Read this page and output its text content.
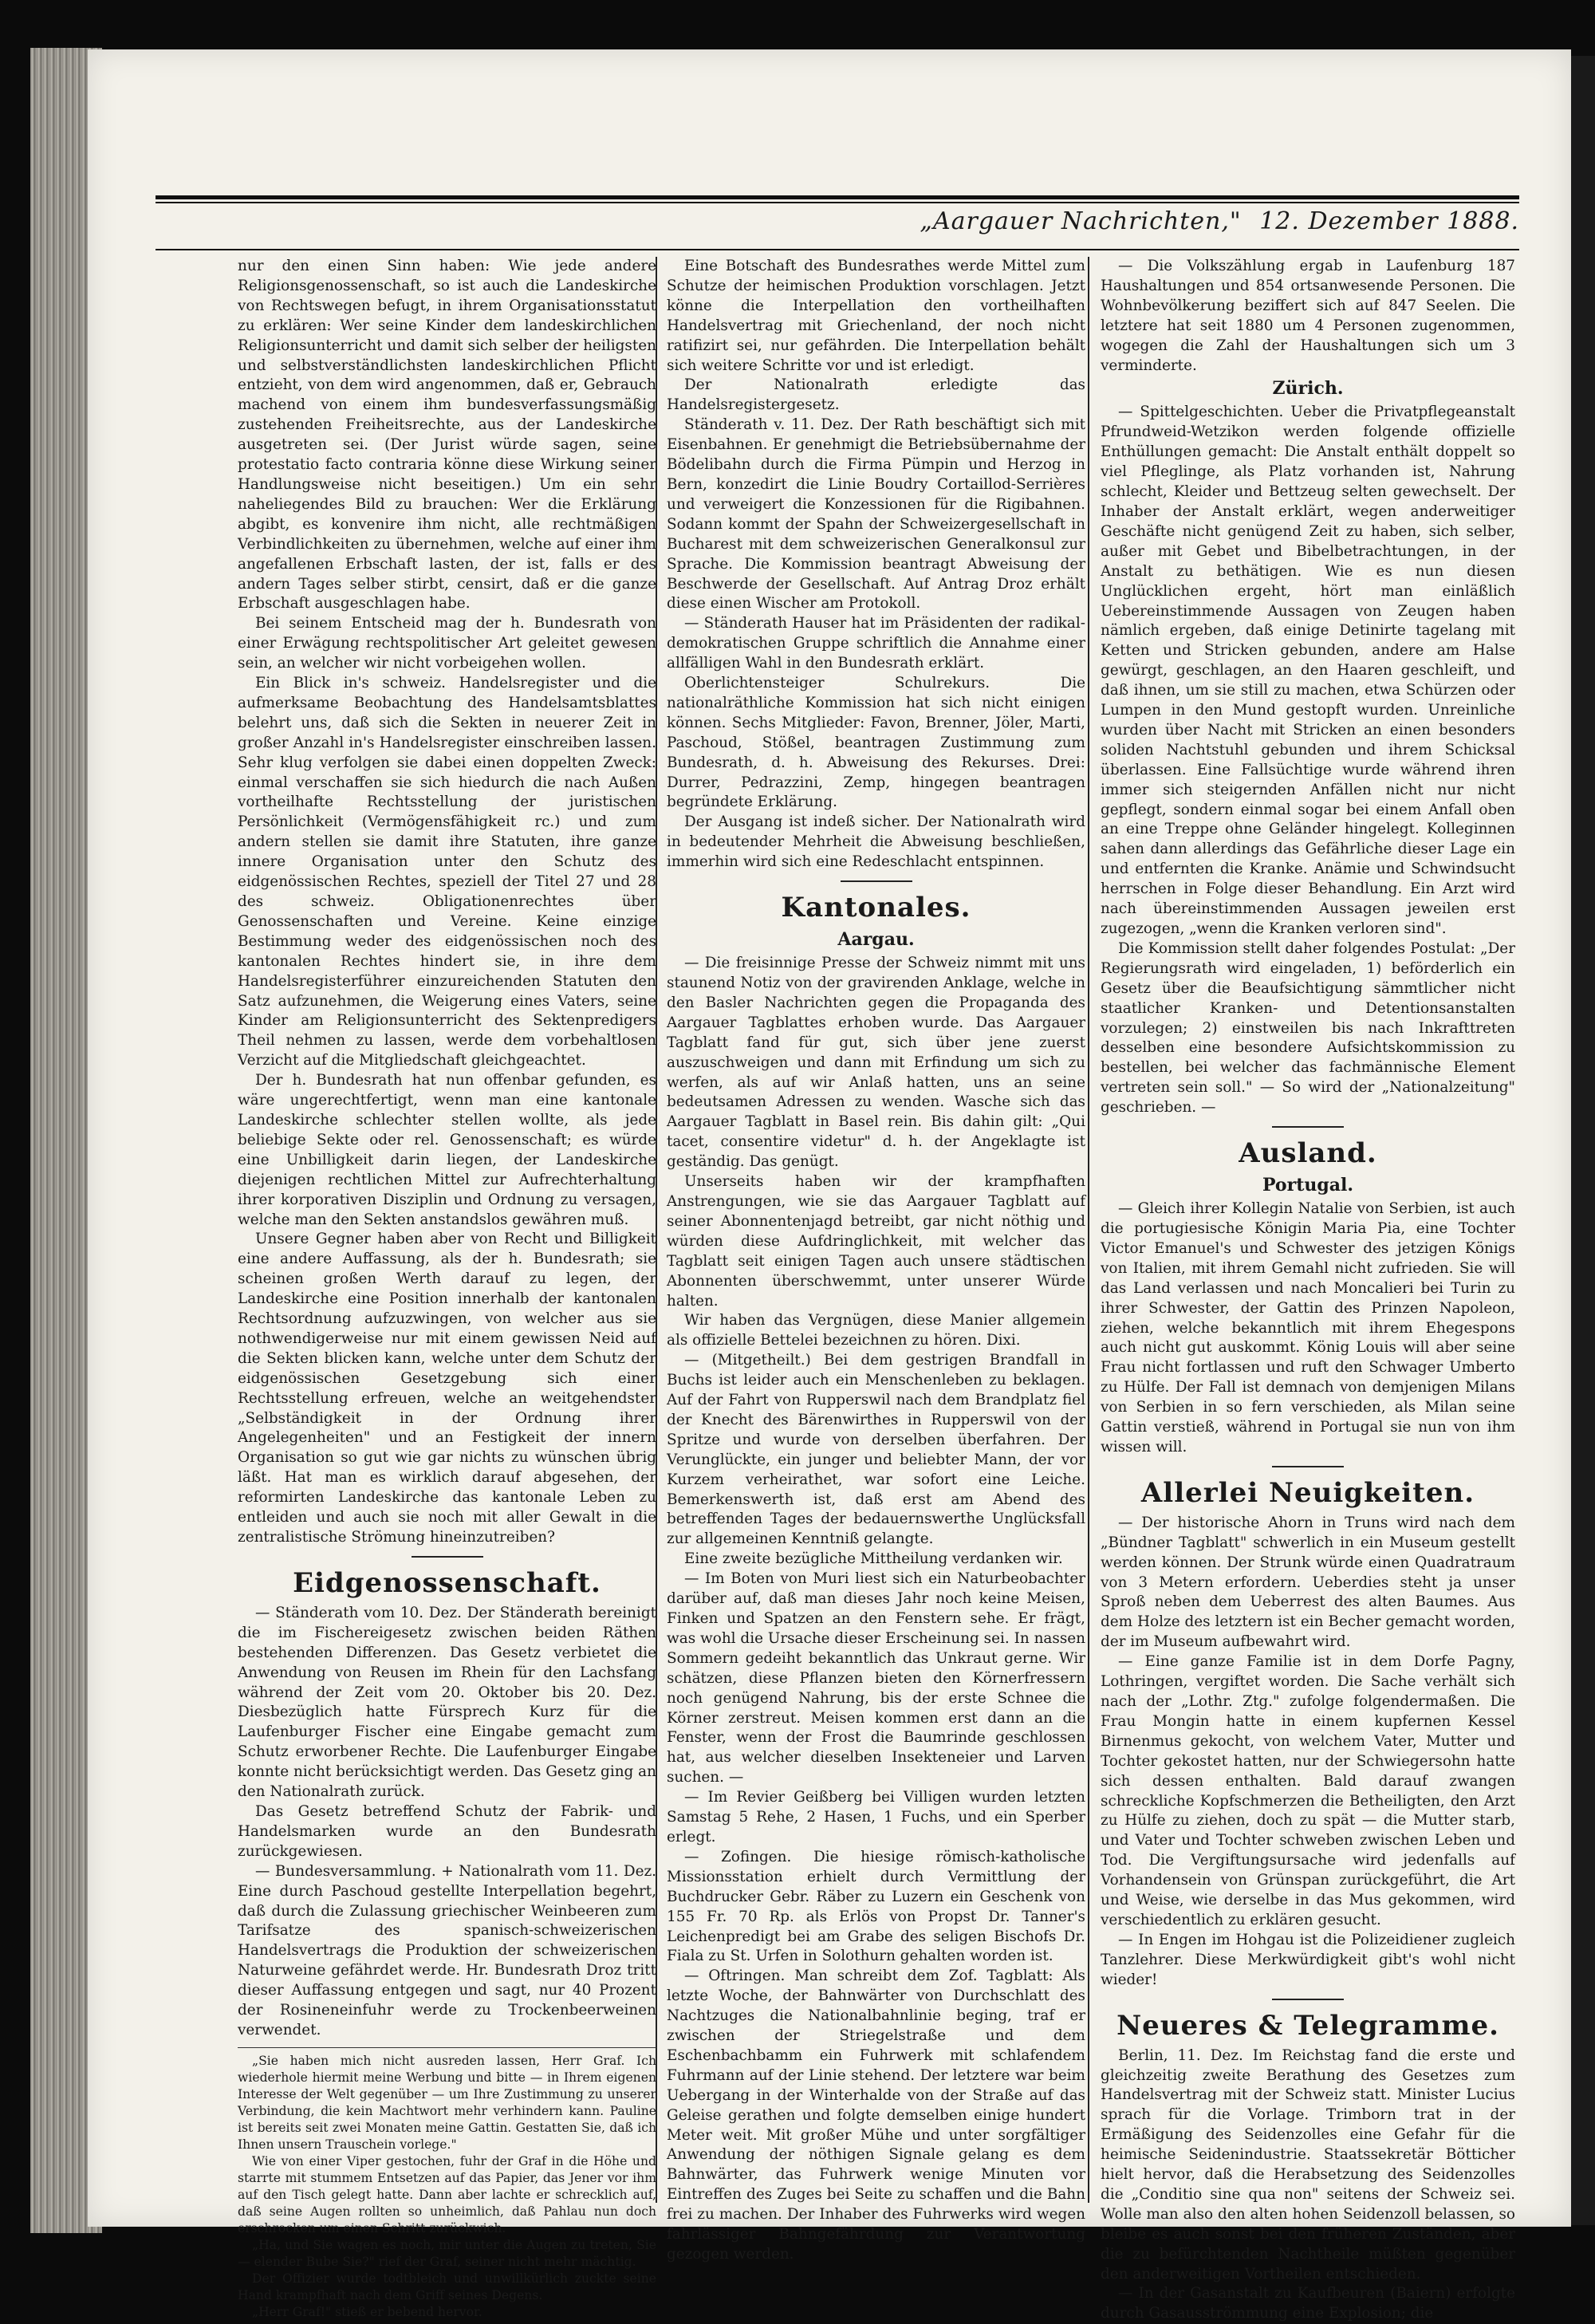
„Aargauer Nachrichten," 12. Dezember 1888.

nur den einen Sinn haben: Wie jede andere Religionsgenossenschaft, so ist auch die Landeskirche von Rechtswegen befugt, in ihrem Organisationsstatut zu erklären: Wer seine Kinder dem landeskirchlichen Religionsunterricht und damit sich selber der heiligsten und selbstverständlichsten landeskirchlichen Pflicht entzieht, von dem wird angenommen, daß er, Gebrauch machend von einem ihm bundesverfassungsmäßig zustehenden Freiheitsrechte, aus der Landeskirche ausgetreten sei. (Der Jurist würde sagen, seine protestatio facto contraria könne diese Wirkung seiner Handlungsweise nicht beseitigen.) Um ein sehr naheliegendes Bild zu brauchen: Wer die Erklärung abgibt, es konvenire ihm nicht, alle rechtmäßigen Verbindlichkeiten zu übernehmen, welche auf einer ihm angefallenen Erbschaft lasten, der ist, falls er des andern Tages selber stirbt, censirt, daß er die ganze Erbschaft ausgeschlagen habe.

Bei seinem Entscheid mag der h. Bundesrath von einer Erwägung rechtspolitischer Art geleitet gewesen sein, an welcher wir nicht vorbeigehen wollen.

Ein Blick in's schweiz. Handelsregister und die aufmerksame Beobachtung des Handelsamtsblattes belehrt uns, daß sich die Sekten in neuerer Zeit in großer Anzahl in's Handelsregister einschreiben lassen. Sehr klug verfolgen sie dabei einen doppelten Zweck: einmal verschaffen sie sich hiedurch die nach Außen vortheilhafte Rechtsstellung der juristischen Persönlichkeit (Vermögensfähigkeit rc.) und zum andern stellen sie damit ihre Statuten, ihre ganze innere Organisation unter den Schutz des eidgenössischen Rechtes, speziell der Titel 27 und 28 des schweiz. Obligationenrechtes über Genossenschaften und Vereine. Keine einzige Bestimmung weder des eidgenössischen noch des kantonalen Rechtes hindert sie, in ihre dem Handelsregisterführer einzureichenden Statuten den Satz aufzunehmen, die Weigerung eines Vaters, seine Kinder am Religionsunterricht des Sektenpredigers Theil nehmen zu lassen, werde dem vorbehaltlosen Verzicht auf die Mitgliedschaft gleichgeachtet.

Der h. Bundesrath hat nun offenbar gefunden, es wäre ungerechtfertigt, wenn man eine kantonale Landeskirche schlechter stellen wollte, als jede beliebige Sekte oder rel. Genossenschaft; es würde eine Unbilligkeit darin liegen, der Landeskirche diejenigen rechtlichen Mittel zur Aufrechterhaltung ihrer korporativen Disziplin und Ordnung zu versagen, welche man den Sekten anstandslos gewähren muß.

Unsere Gegner haben aber von Recht und Billigkeit eine andere Auffassung, als der h. Bundesrath; sie scheinen großen Werth darauf zu legen, der Landeskirche eine Position innerhalb der kantonalen Rechtsordnung aufzuzwingen, von welcher aus sie nothwendigerweise nur mit einem gewissen Neid auf die Sekten blicken kann, welche unter dem Schutz der eidgenössischen Gesetzgebung sich einer Rechtsstellung erfreuen, welche an weitgehendster „Selbständigkeit in der Ordnung ihrer Angelegenheiten" und an Festigkeit der innern Organisation so gut wie gar nichts zu wünschen übrig läßt. Hat man es wirklich darauf abgesehen, der reformirten Landeskirche das kantonale Leben zu entleiden und auch sie noch mit aller Gewalt in die zentralistische Strömung hineinzutreiben?

Eidgenossenschaft.

— Ständerath vom 10. Dez. Der Ständerath bereinigt die im Fischereigesetz zwischen beiden Räthen bestehenden Differenzen. Das Gesetz verbietet die Anwendung von Reusen im Rhein für den Lachsfang während der Zeit vom 20. Oktober bis 20. Dez. Diesbezüglich hatte Fürsprech Kurz für die Laufenburger Fischer eine Eingabe gemacht zum Schutz erworbener Rechte. Die Laufenburger Eingabe konnte nicht berücksichtigt werden. Das Gesetz ging an den Nationalrath zurück.

Das Gesetz betreffend Schutz der Fabrik- und Handelsmarken wurde an den Bundesrath zurückgewiesen.

— Bundesversammlung. + Nationalrath vom 11. Dez. Eine durch Paschoud gestellte Interpellation begehrt, daß durch die Zulassung griechischer Weinbeeren zum Tarifsatze des spanisch-schweizerischen Handelsvertrags die Produktion der schweizerischen Naturweine gefährdet werde. Hr. Bundesrath Droz tritt dieser Auffassung entgegen und sagt, nur 40 Prozent der Rosineneinfuhr werde zu Trockenbeerweinen verwendet.

„Sie haben mich nicht ausreden lassen, Herr Graf. Ich wiederhole hiermit meine Werbung und bitte — in Ihrem eigenen Interesse der Welt gegenüber — um Ihre Zustimmung zu unserer Verbindung, die kein Machtwort mehr verhindern kann. Pauline ist bereits seit zwei Monaten meine Gattin. Gestatten Sie, daß ich Ihnen unsern Trauschein vorlege."

Wie von einer Viper gestochen, fuhr der Graf in die Höhe und starrte mit stummem Entsetzen auf das Papier, das Jener vor ihm auf den Tisch gelegt hatte. Dann aber lachte er schrecklich auf, daß seine Augen rollten so unheimlich, daß Pahlau nun doch erschrocken um einen Schritt zurückwich.

„Ha, und Sie wagen es noch, mir unter die Augen zu treten, Sie — elender Bube Sie?" rief der Graf, seiner nicht mehr mächtig.

Der Offizier wurde todtbleich und unwillkürlich zuckte seine Hand krampfhaft nach dem Griff seines Degens.

„Herr Graf!" stieß er bebend hervor.

Eine Botschaft des Bundesrathes werde Mittel zum Schutze der heimischen Produktion vorschlagen. Jetzt könne die Interpellation den vortheilhaften Handelsvertrag mit Griechenland, der noch nicht ratifizirt sei, nur gefährden. Die Interpellation behält sich weitere Schritte vor und ist erledigt.

Der Nationalrath erledigte das Handelsregistergesetz.

Ständerath v. 11. Dez. Der Rath beschäftigt sich mit Eisenbahnen. Er genehmigt die Betriebsübernahme der Bödelibahn durch die Firma Pümpin und Herzog in Bern, konzedirt die Linie Boudry Cortaillod-Serrières und verweigert die Konzessionen für die Rigibahnen. Sodann kommt der Spahn der Schweizergesellschaft in Bucharest mit dem schweizerischen Generalkonsul zur Sprache. Die Kommission beantragt Abweisung der Beschwerde der Gesellschaft. Auf Antrag Droz erhält diese einen Wischer am Protokoll.

— Ständerath Hauser hat im Präsidenten der radikal-demokratischen Gruppe schriftlich die Annahme einer allfälligen Wahl in den Bundesrath erklärt.

Oberlichtensteiger Schulrekurs. Die nationalräthliche Kommission hat sich nicht einigen können. Sechs Mitglieder: Favon, Brenner, Jöler, Marti, Paschoud, Stößel, beantragen Zustimmung zum Bundesrath, d. h. Abweisung des Rekurses. Drei: Durrer, Pedrazzini, Zemp, hingegen beantragen begründete Erklärung.

Der Ausgang ist indeß sicher. Der Nationalrath wird in bedeutender Mehrheit die Abweisung beschließen, immerhin wird sich eine Redeschlacht entspinnen.

Kantonales.
Aargau.

— Die freisinnige Presse der Schweiz nimmt mit uns staunend Notiz von der gravirenden Anklage, welche in den Basler Nachrichten gegen die Propaganda des Aargauer Tagblattes erhoben wurde. Das Aargauer Tagblatt fand für gut, sich über jene zuerst auszuschweigen und dann mit Erfindung um sich zu werfen, als auf wir Anlaß hatten, uns an seine bedeutsamen Adressen zu wenden. Wasche sich das Aargauer Tagblatt in Basel rein. Bis dahin gilt: „Qui tacet, consentire videtur" d. h. der Angeklagte ist geständig. Das genügt.

Unserseits haben wir der krampfhaften Anstrengungen, wie sie das Aargauer Tagblatt auf seiner Abonnentenjagd betreibt, gar nicht nöthig und würden diese Aufdringlichkeit, mit welcher das Tagblatt seit einigen Tagen auch unsere städtischen Abonnenten überschwemmt, unter unserer Würde halten.

Wir haben das Vergnügen, diese Manier allgemein als offizielle Bettelei bezeichnen zu hören. Dixi.

— (Mitgetheilt.) Bei dem gestrigen Brandfall in Buchs ist leider auch ein Menschenleben zu beklagen. Auf der Fahrt von Rupperswil nach dem Brandplatz fiel der Knecht des Bärenwirthes in Rupperswil von der Spritze und wurde von derselben überfahren. Der Verunglückte, ein junger und beliebter Mann, der vor Kurzem verheirathet, war sofort eine Leiche. Bemerkenswerth ist, daß erst am Abend des betreffenden Tages der bedauernswerthe Unglücksfall zur allgemeinen Kenntniß gelangte.

Eine zweite bezügliche Mittheilung verdanken wir.

— Im Boten von Muri liest sich ein Naturbeobachter darüber auf, daß man dieses Jahr noch keine Meisen, Finken und Spatzen an den Fenstern sehe. Er frägt, was wohl die Ursache dieser Erscheinung sei. In nassen Sommern gedeiht bekanntlich das Unkraut gerne. Wir schätzen, diese Pflanzen bieten den Körnerfressern noch genügend Nahrung, bis der erste Schnee die Körner zerstreut. Meisen kommen erst dann an die Fenster, wenn der Frost die Baumrinde geschlossen hat, aus welcher dieselben Insekteneier und Larven suchen. —

— Im Revier Geißberg bei Villigen wurden letzten Samstag 5 Rehe, 2 Hasen, 1 Fuchs, und ein Sperber erlegt.

— Zofingen. Die hiesige römisch-katholische Missionsstation erhielt durch Vermittlung der Buchdrucker Gebr. Räber zu Luzern ein Geschenk von 155 Fr. 70 Rp. als Erlös von Propst Dr. Tanner's Leichenpredigt bei am Grabe des seligen Bischofs Dr. Fiala zu St. Urfen in Solothurn gehalten worden ist.

— Oftringen. Man schreibt dem Zof. Tagblatt: Als letzte Woche, der Bahnwärter von Durchschlatt des Nachtzuges die Nationalbahnlinie beging, traf er zwischen der Striegelstraße und dem Eschenbachbamm ein Fuhrwerk mit schlafendem Fuhrmann auf der Linie stehend. Der letztere war beim Uebergang in der Winterhalde von der Straße auf das Geleise gerathen und folgte demselben einige hundert Meter weit. Mit großer Mühe und unter sorgfältiger Anwendung der nöthigen Signale gelang es dem Bahnwärter, das Fuhrwerk wenige Minuten vor Eintreffen des Zuges bei Seite zu schaffen und die Bahn frei zu machen. Der Inhaber des Fuhrwerks wird wegen fahrlässiger Bahngefährdung zur Verantwortung gezogen werden.

— Die Volkszählung ergab in Laufenburg 187 Haushaltungen und 854 ortsanwesende Personen. Die Wohnbevölkerung beziffert sich auf 847 Seelen. Die letztere hat seit 1880 um 4 Personen zugenommen, wogegen die Zahl der Haushaltungen sich um 3 verminderte.

Zürich.

— Spittelgeschichten. Ueber die Privatpflegeanstalt Pfrundweid-Wetzikon werden folgende offizielle Enthüllungen gemacht: Die Anstalt enthält doppelt so viel Pfleglinge, als Platz vorhanden ist, Nahrung schlecht, Kleider und Bettzeug selten gewechselt. Der Inhaber der Anstalt erklärt, wegen anderweitiger Geschäfte nicht genügend Zeit zu haben, sich selber, außer mit Gebet und Bibelbetrachtungen, in der Anstalt zu bethätigen. Wie es nun diesen Unglücklichen ergeht, hört man einläßlich Uebereinstimmende Aussagen von Zeugen haben nämlich ergeben, daß einige Detinirte tagelang mit Ketten und Stricken gebunden, andere am Halse gewürgt, geschlagen, an den Haaren geschleift, und daß ihnen, um sie still zu machen, etwa Schürzen oder Lumpen in den Mund gestopft wurden. Unreinliche wurden über Nacht mit Stricken an einen besonders soliden Nachtstuhl gebunden und ihrem Schicksal überlassen. Eine Fallsüchtige wurde während ihren immer sich steigernden Anfällen nicht nur nicht gepflegt, sondern einmal sogar bei einem Anfall oben an eine Treppe ohne Geländer hingelegt. Kolleginnen sahen dann allerdings das Gefährliche dieser Lage ein und entfernten die Kranke. Anämie und Schwindsucht herrschen in Folge dieser Behandlung. Ein Arzt wird nach übereinstimmenden Aussagen jeweilen erst zugezogen, „wenn die Kranken verloren sind".

Die Kommission stellt daher folgendes Postulat: „Der Regierungsrath wird eingeladen, 1) beförderlich ein Gesetz über die Beaufsichtigung sämmtlicher nicht staatlicher Kranken- und Detentionsanstalten vorzulegen; 2) einstweilen bis nach Inkrafttreten desselben eine besondere Aufsichtskommission zu bestellen, bei welcher das fachmännische Element vertreten sein soll." — So wird der „Nationalzeitung" geschrieben. —

Ausland.
Portugal.

— Gleich ihrer Kollegin Natalie von Serbien, ist auch die portugiesische Königin Maria Pia, eine Tochter Victor Emanuel's und Schwester des jetzigen Königs von Italien, mit ihrem Gemahl nicht zufrieden. Sie will das Land verlassen und nach Moncalieri bei Turin zu ihrer Schwester, der Gattin des Prinzen Napoleon, ziehen, welche bekanntlich mit ihrem Ehegespons auch nicht gut auskommt. König Louis will aber seine Frau nicht fortlassen und ruft den Schwager Umberto zu Hülfe. Der Fall ist demnach von demjenigen Milans von Serbien in so fern verschieden, als Milan seine Gattin verstieß, während in Portugal sie nun von ihm wissen will.

Allerlei Neuigkeiten.

— Der historische Ahorn in Truns wird nach dem „Bündner Tagblatt" schwerlich in ein Museum gestellt werden können. Der Strunk würde einen Quadratraum von 3 Metern erfordern. Ueberdies steht ja unser Sproß neben dem Ueberrest des alten Baumes. Aus dem Holze des letztern ist ein Becher gemacht worden, der im Museum aufbewahrt wird.

— Eine ganze Familie ist in dem Dorfe Pagny, Lothringen, vergiftet worden. Die Sache verhält sich nach der „Lothr. Ztg." zufolge folgendermaßen. Die Frau Mongin hatte in einem kupfernen Kessel Birnenmus gekocht, von welchem Vater, Mutter und Tochter gekostet hatten, nur der Schwiegersohn hatte sich dessen enthalten. Bald darauf zwangen schreckliche Kopfschmerzen die Betheiligten, den Arzt zu Hülfe zu ziehen, doch zu spät — die Mutter starb, und Vater und Tochter schweben zwischen Leben und Tod. Die Vergiftungsursache wird jedenfalls auf Vorhandensein von Grünspan zurückgeführt, die Art und Weise, wie derselbe in das Mus gekommen, wird verschiedentlich zu erklären gesucht.

— In Engen im Hohgau ist die Polizeidiener zugleich Tanzlehrer. Diese Merkwürdigkeit gibt's wohl nicht wieder!

Neueres & Telegramme.

Berlin, 11. Dez. Im Reichstag fand die erste und gleichzeitig zweite Berathung des Gesetzes zum Handelsvertrag mit der Schweiz statt. Minister Lucius sprach für die Vorlage. Trimborn trat in der Ermäßigung des Seidenzolles eine Gefahr für die heimische Seidenindustrie. Staatssekretär Bötticher hielt hervor, daß die Herabsetzung des Seidenzolles die „Conditio sine qua non" seitens der Schweiz sei. Wolle man also den alten hohen Seidenzoll belassen, so bleibe es auch sonst bei den früheren Zuständen, aber die zu befürchtenden Nachtheile müßten gegenüber den anderweitigen Vortheilen entschieden.

— In der Gasanstalt zu Kaufbeuren (Baiern) erfolgte durch Gasausströmmung eine Explosion; die
